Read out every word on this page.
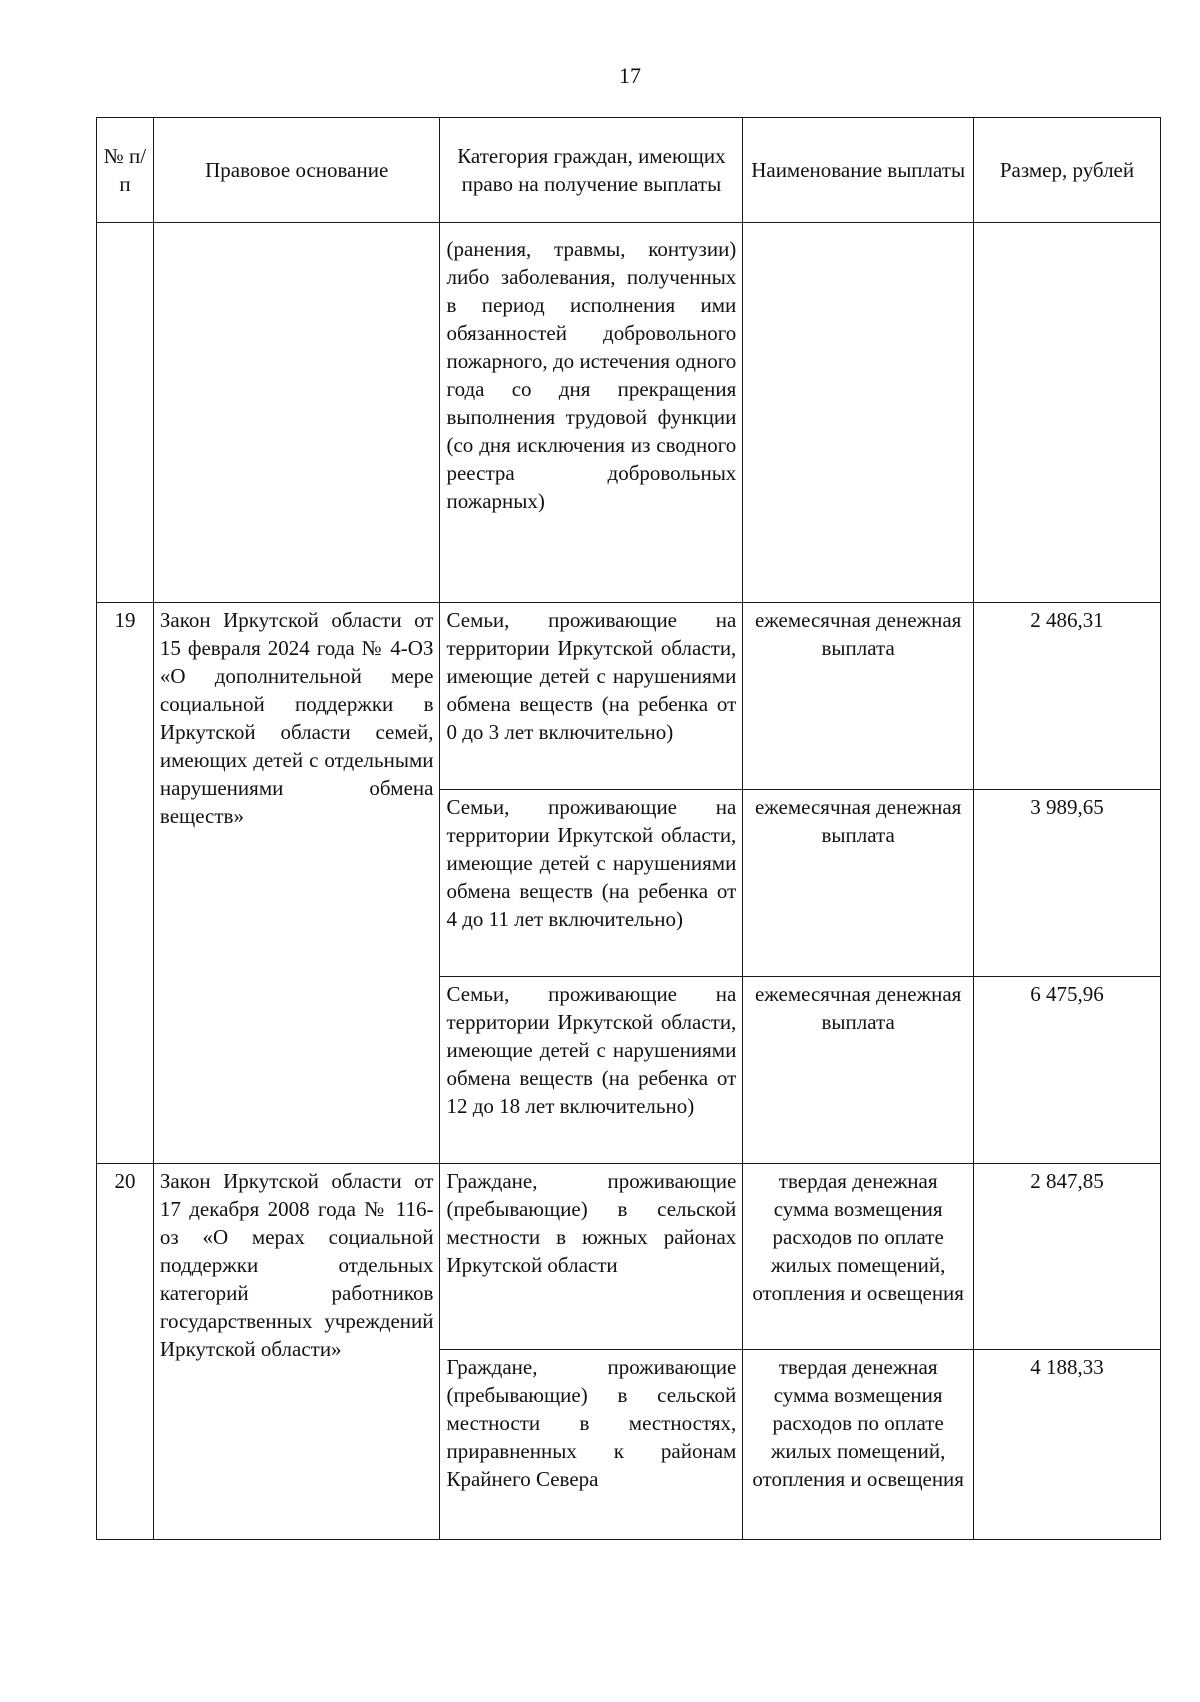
17
№ п/п	Правовое основание	Категория граждан, имеющих право на получение выплаты	Наименование выплаты	Размер, рублей
		(ранения, травмы, контузии) либо заболевания, полученных в период исполнения ими обязанностей добровольного пожарного, до истечения одного года со дня прекращения выполнения трудовой функции (со дня исключения из сводного реестра добровольных пожарных)		
19	Закон Иркутской области от 15 февраля 2024 года № 4-ОЗ «О дополнительной мере социальной поддержки в Иркутской области семей, имеющих детей с отдельными нарушениями обмена веществ»	Семьи, проживающие на территории Иркутской области, имеющие детей с нарушениями обмена веществ (на ребенка от 0 до 3 лет включительно)	ежемесячная денежная выплата	2 486,31
		Семьи, проживающие на территории Иркутской области, имеющие детей с нарушениями обмена веществ (на ребенка от 4 до 11 лет включительно)	ежемесячная денежная выплата	3 989,65
		Семьи, проживающие на территории Иркутской области, имеющие детей с нарушениями обмена веществ (на ребенка от 12 до 18 лет включительно)	ежемесячная денежная выплата	6 475,96
20	Закон Иркутской области от 17 декабря 2008 года № 116-оз «О мерах социальной поддержки отдельных категорий работников государственных учреждений Иркутской области»	Граждане, проживающие (пребывающие) в сельской местности в южных районах Иркутской области	твердая денежная сумма возмещения расходов по оплате жилых помещений, отопления и освещения	2 847,85
		Граждане, проживающие (пребывающие) в сельской местности в местностях, приравненных к районам Крайнего Севера	твердая денежная сумма возмещения расходов по оплате жилых помещений, отопления и освещения	4 188,33
